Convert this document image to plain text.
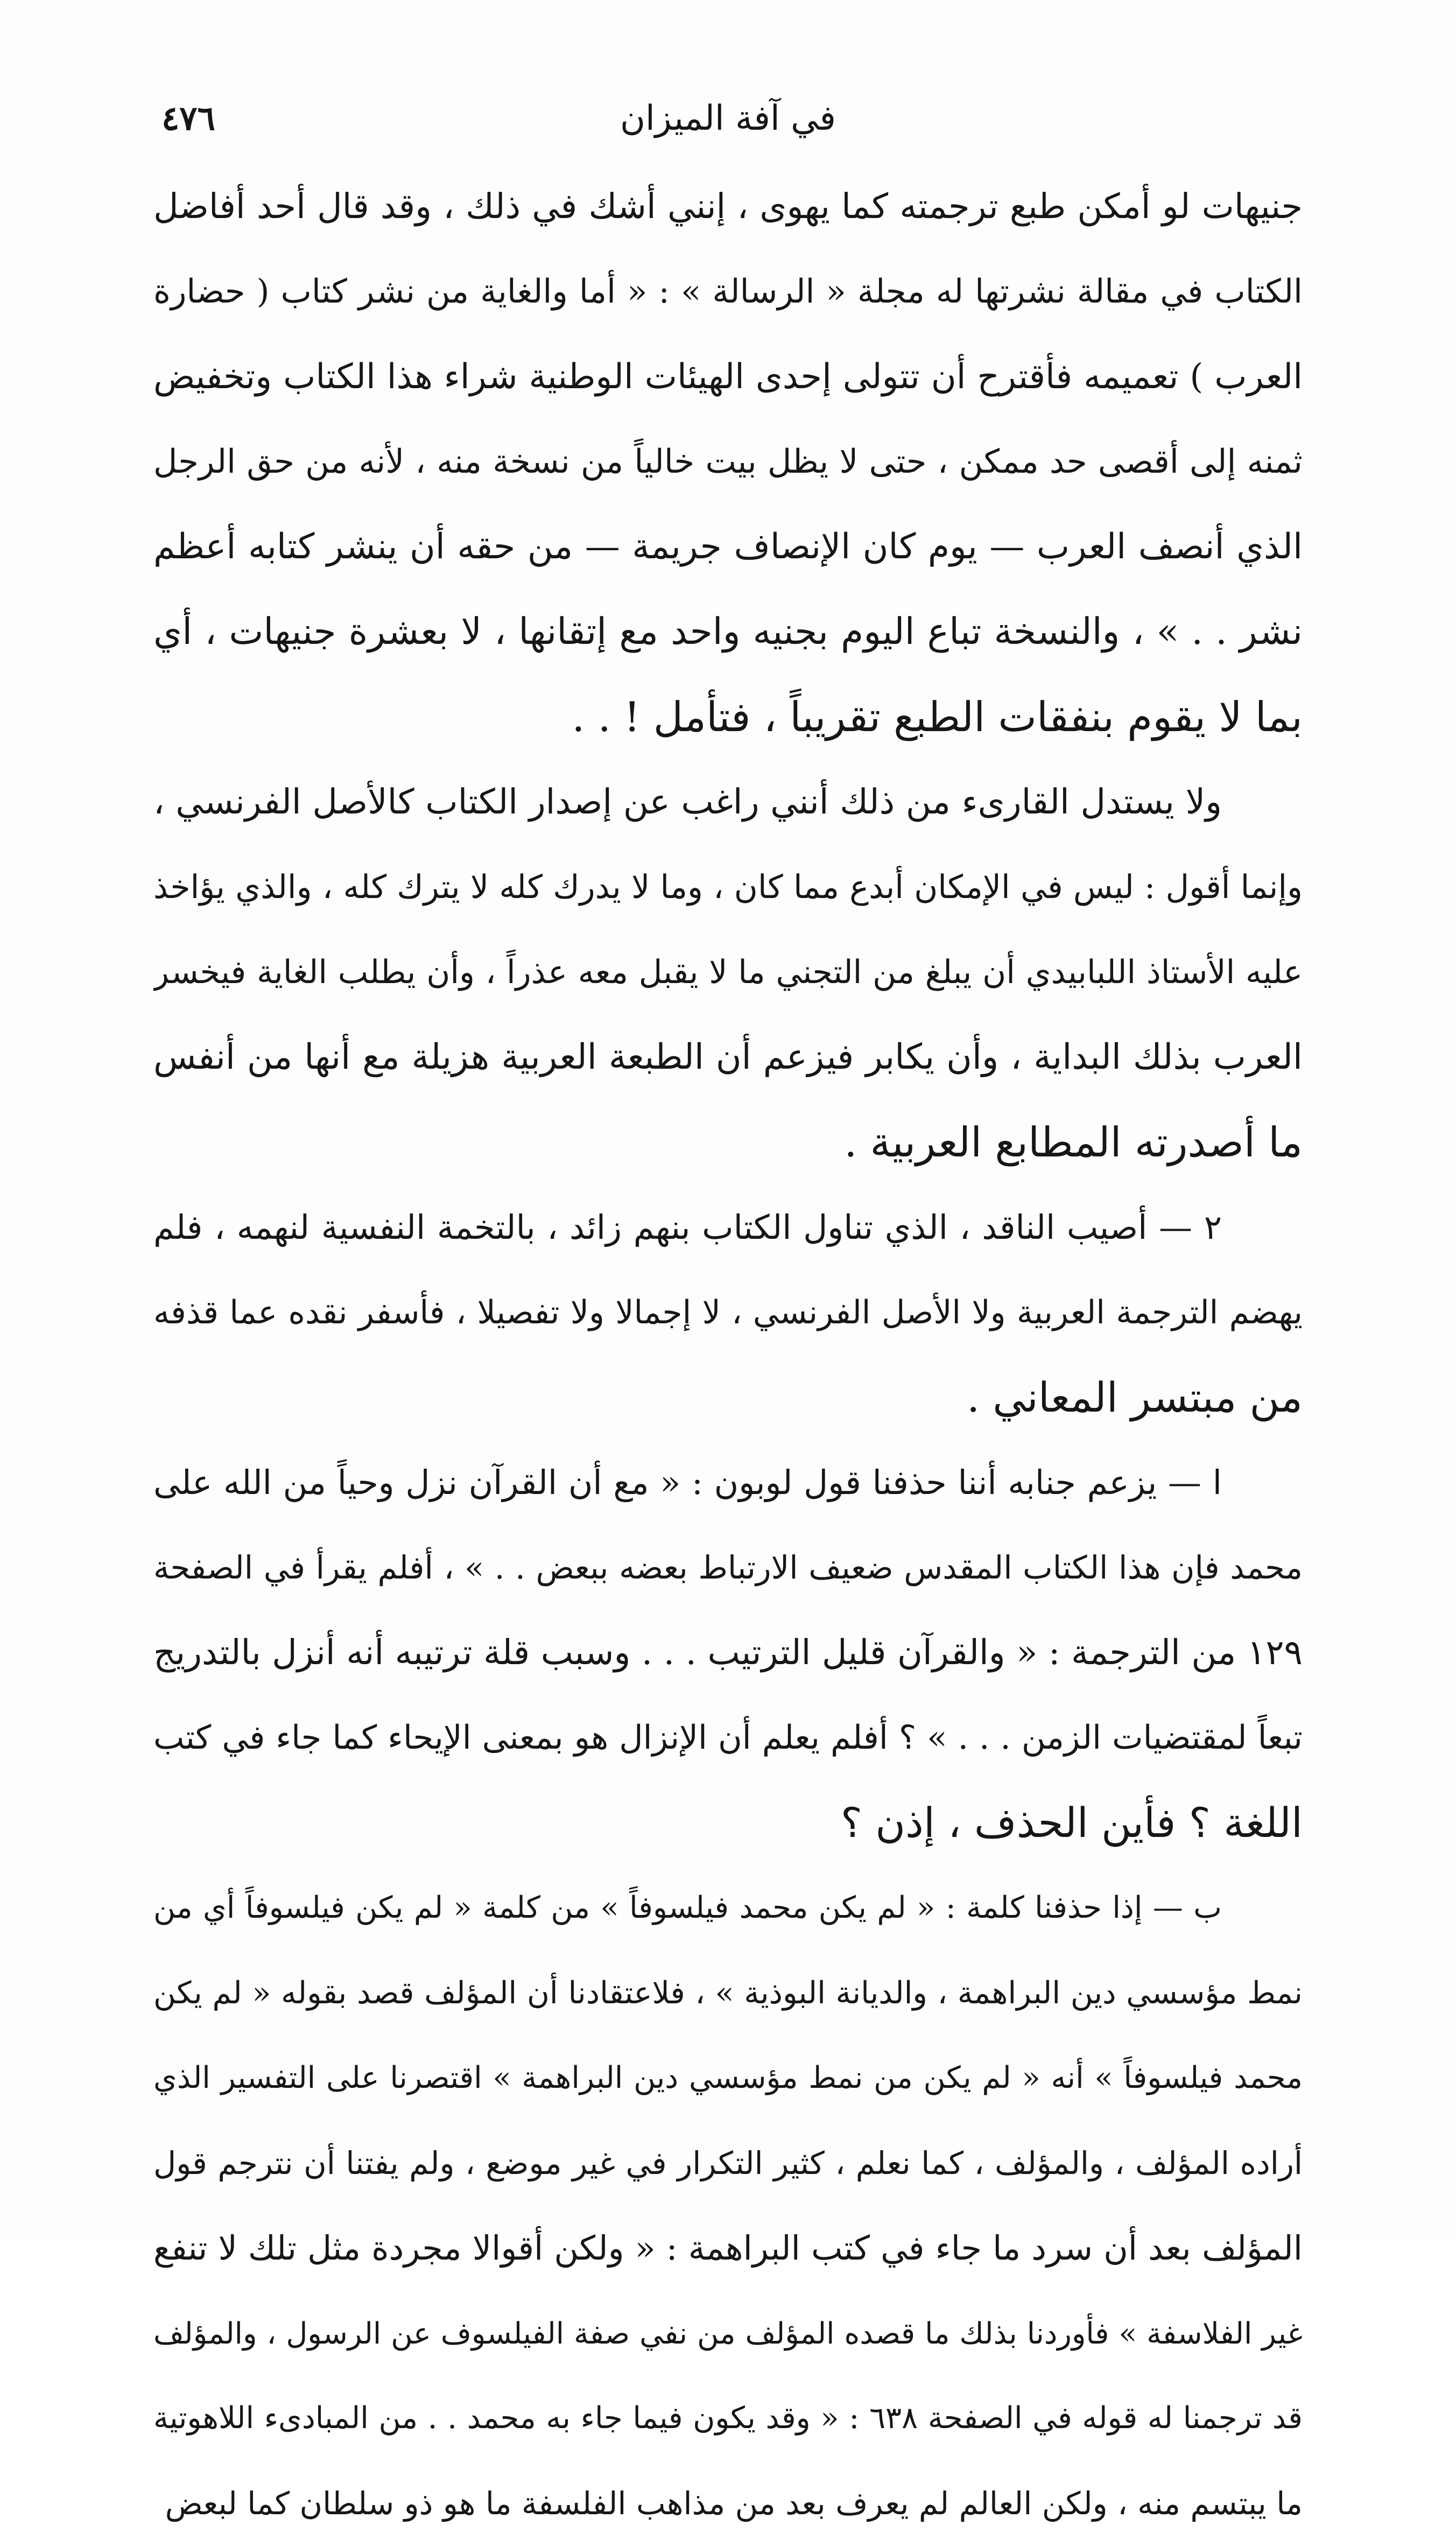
في آفة الميزان
٤٧٦
جنيهات لو أمكن طبع ترجمته كما يهوى ، إنني أشك في ذلك ، وقد قال أحد أفاضل
الكتاب في مقالة نشرتها له مجلة « الرسالة » : « أما والغاية من نشر كتاب ( حضارة
العرب ) تعميمه فأقترح أن تتولى إحدى الهيئات الوطنية شراء هذا الكتاب وتخفيض
ثمنه إلى أقصى حد ممكن ، حتى لا يظل بيت خالياً من نسخة منه ، لأنه من حق الرجل
الذي أنصف العرب — يوم كان الإنصاف جريمة — من حقه أن ينشر كتابه أعظم
نشر . . » ، والنسخة تباع اليوم بجنيه واحد مع إتقانها ، لا بعشرة جنيهات ، أي
بما لا يقوم بنفقات الطبع تقريباً ، فتأمل ! . .
ولا يستدل القارىء من ذلك أنني راغب عن إصدار الكتاب كالأصل الفرنسي ،
وإنما أقول : ليس في الإمكان أبدع مما كان ، وما لا يدرك كله لا يترك كله ، والذي يؤاخذ
عليه الأستاذ اللبابيدي أن يبلغ من التجني ما لا يقبل معه عذراً ، وأن يطلب الغاية فيخسر
العرب بذلك البداية ، وأن يكابر فيزعم أن الطبعة العربية هزيلة مع أنها من أنفس
ما أصدرته المطابع العربية .
٢ — أصيب الناقد ، الذي تناول الكتاب بنهم زائد ، بالتخمة النفسية لنهمه ، فلم
يهضم الترجمة العربية ولا الأصل الفرنسي ، لا إجمالا ولا تفصيلا ، فأسفر نقده عما قذفه
من مبتسر المعاني .
ا — يزعم جنابه أننا حذفنا قول لوبون : « مع أن القرآن نزل وحياً من الله على
محمد فإن هذا الكتاب المقدس ضعيف الارتباط بعضه ببعض . . » ، أفلم يقرأ في الصفحة
١٢٩ من الترجمة : « والقرآن قليل الترتيب . . . وسبب قلة ترتيبه أنه أنزل بالتدريج
تبعاً لمقتضيات الزمن . . . » ؟ أفلم يعلم أن الإنزال هو بمعنى الإيحاء كما جاء في كتب
اللغة ؟ فأين الحذف ، إذن ؟
ب — إذا حذفنا كلمة : « لم يكن محمد فيلسوفاً » من كلمة « لم يكن فيلسوفاً أي من
نمط مؤسسي دين البراهمة ، والديانة البوذية » ، فلاعتقادنا أن المؤلف قصد بقوله « لم يكن
محمد فيلسوفاً » أنه « لم يكن من نمط مؤسسي دين البراهمة » اقتصرنا على التفسير الذي
أراده المؤلف ، والمؤلف ، كما نعلم ، كثير التكرار في غير موضع ، ولم يفتنا أن نترجم قول
المؤلف بعد أن سرد ما جاء في كتب البراهمة : « ولكن أقوالا مجردة مثل تلك لا تنفع
غير الفلاسفة » فأوردنا بذلك ما قصده المؤلف من نفي صفة الفيلسوف عن الرسول ، والمؤلف
قد ترجمنا له قوله في الصفحة ٦٣٨ : « وقد يكون فيما جاء به محمد . . من المبادىء اللاهوتية
ما يبتسم منه ، ولكن العالم لم يعرف بعد من مذاهب الفلسفة ما هو ذو سلطان كما لبعض
